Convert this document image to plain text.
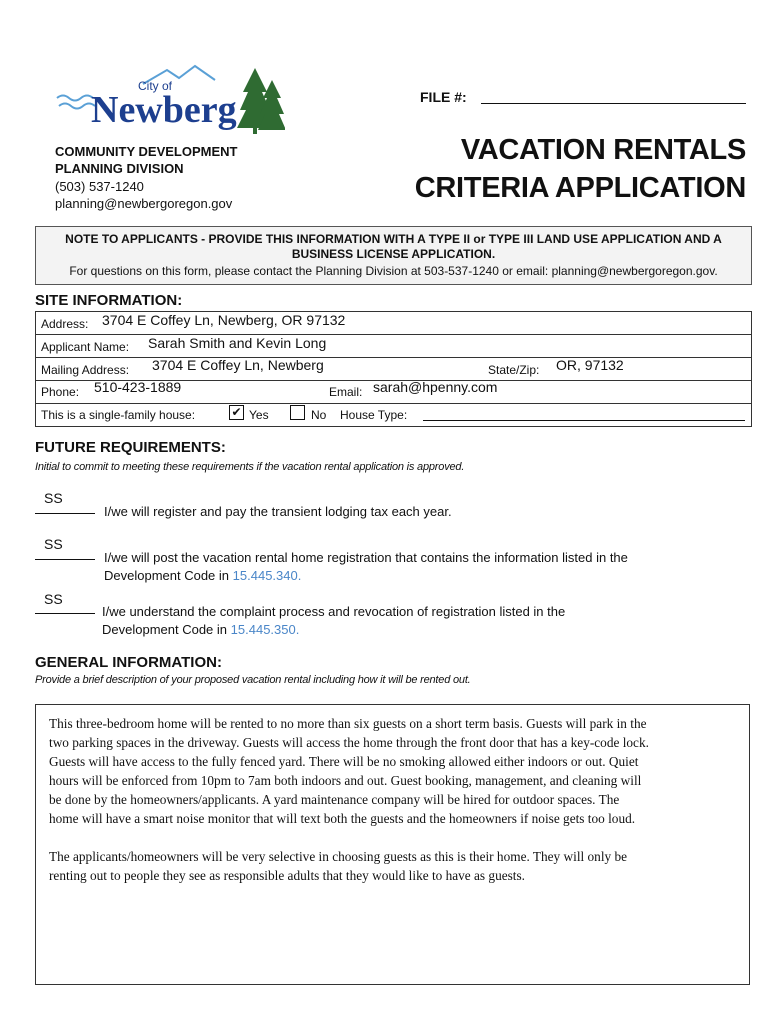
City of
Newberg
COMMUNITY DEVELOPMENT
PLANNING DIVISION
(503) 537-1240
planning@newbergoregon.gov
FILE #:
VACATION RENTALS
CRITERIA APPLICATION
NOTE TO APPLICANTS - PROVIDE THIS INFORMATION WITH A TYPE II or TYPE III LAND USE APPLICATION AND A
BUSINESS LICENSE APPLICATION.
For questions on this form, please contact the Planning Division at 503-537-1240 or email: planning@newbergoregon.gov.
SITE INFORMATION:
Address: 3704 E Coffey Ln, Newberg, OR 97132
Applicant Name: Sarah Smith and Kevin Long
Mailing Address: 3704 E Coffey Ln, Newberg	State/Zip: OR, 97132
Phone: 510-423-1889	Email: sarah@hpenny.com
This is a single-family house:	✔ Yes	No House Type:
FUTURE REQUIREMENTS:
Initial to commit to meeting these requirements if the vacation rental application is approved.
SS
I/we will register and pay the transient lodging tax each year.
SS
I/we will post the vacation rental home registration that contains the information listed in the
Development Code in 15.445.340.
SS
I/we understand the complaint process and revocation of registration listed in the
Development Code in 15.445.350.
GENERAL INFORMATION:
Provide a brief description of your proposed vacation rental including how it will be rented out.
This three-bedroom home will be rented to no more than six guests on a short term basis. Guests will park in the
two parking spaces in the driveway. Guests will access the home through the front door that has a key-code lock.
Guests will have access to the fully fenced yard. There will be no smoking allowed either indoors or out. Quiet
hours will be enforced from 10pm to 7am both indoors and out. Guest booking, management, and cleaning will
be done by the homeowners/applicants. A yard maintenance company will be hired for outdoor spaces. The
home will have a smart noise monitor that will text both the guests and the homeowners if noise gets too loud.
The applicants/homeowners will be very selective in choosing guests as this is their home. They will only be
renting out to people they see as responsible adults that they would like to have as guests.
